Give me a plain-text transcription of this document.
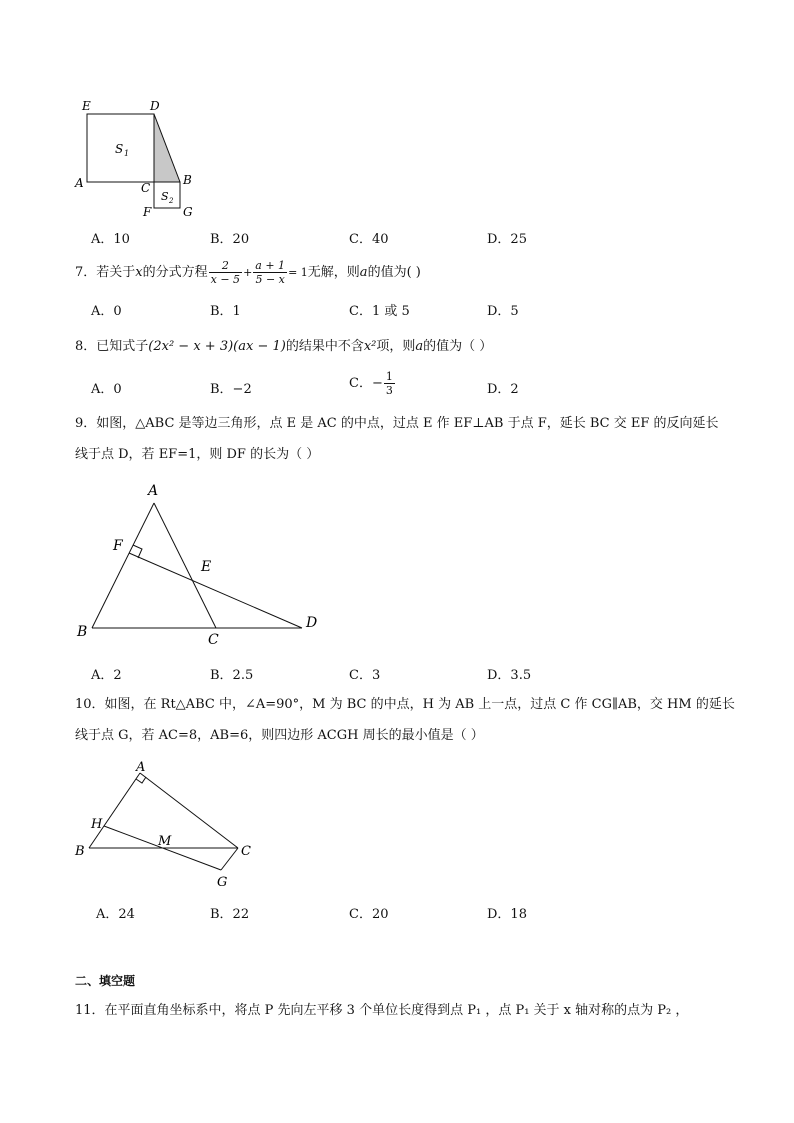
E	D
A	C
B
F	G
S 1
S 2
A．10	B．20	C．40	D．25
7．若关于x的分式方程 $\frac{2}{x - 5} + \frac{a + 1}{5 - x} = 1$无解，则a的值为( )
A．0	B．1	C．1 或 5	D．5
8．已知式子(2x² − x + 3)(ax − 1)的结果中不含x²项，则a的值为（ ）
A．0	B．−2	C．− $\frac{1}{3}$	D．2
9．如图，△ABC 是等边三角形，点 E 是 AC 的中点，过点 E 作 EF⊥AB 于点 F，延长 BC 交 EF 的反向延长
线于点 D，若 EF=1，则 DF 的长为（ ）
A
F
E
B	C
D
A．2	B．2.5	C．3	D．3.5
10．如图，在 Rt△ABC 中，∠A=90°，M 为 BC 的中点，H 为 AB 上一点，过点 C 作 CG∥AB，交 HM 的延长
线于点 G，若 AC=8，AB=6，则四边形 ACGH 周长的最小值是（ ）
A
H
B
M
C
G
A．24	B．22	C．20	D．18
二、填空题
11．在平面直角坐标系中，将点 P 先向左平移 3 个单位长度得到点 P₁ ，点 P₁ 关于 x 轴对称的点为 P₂ ，
